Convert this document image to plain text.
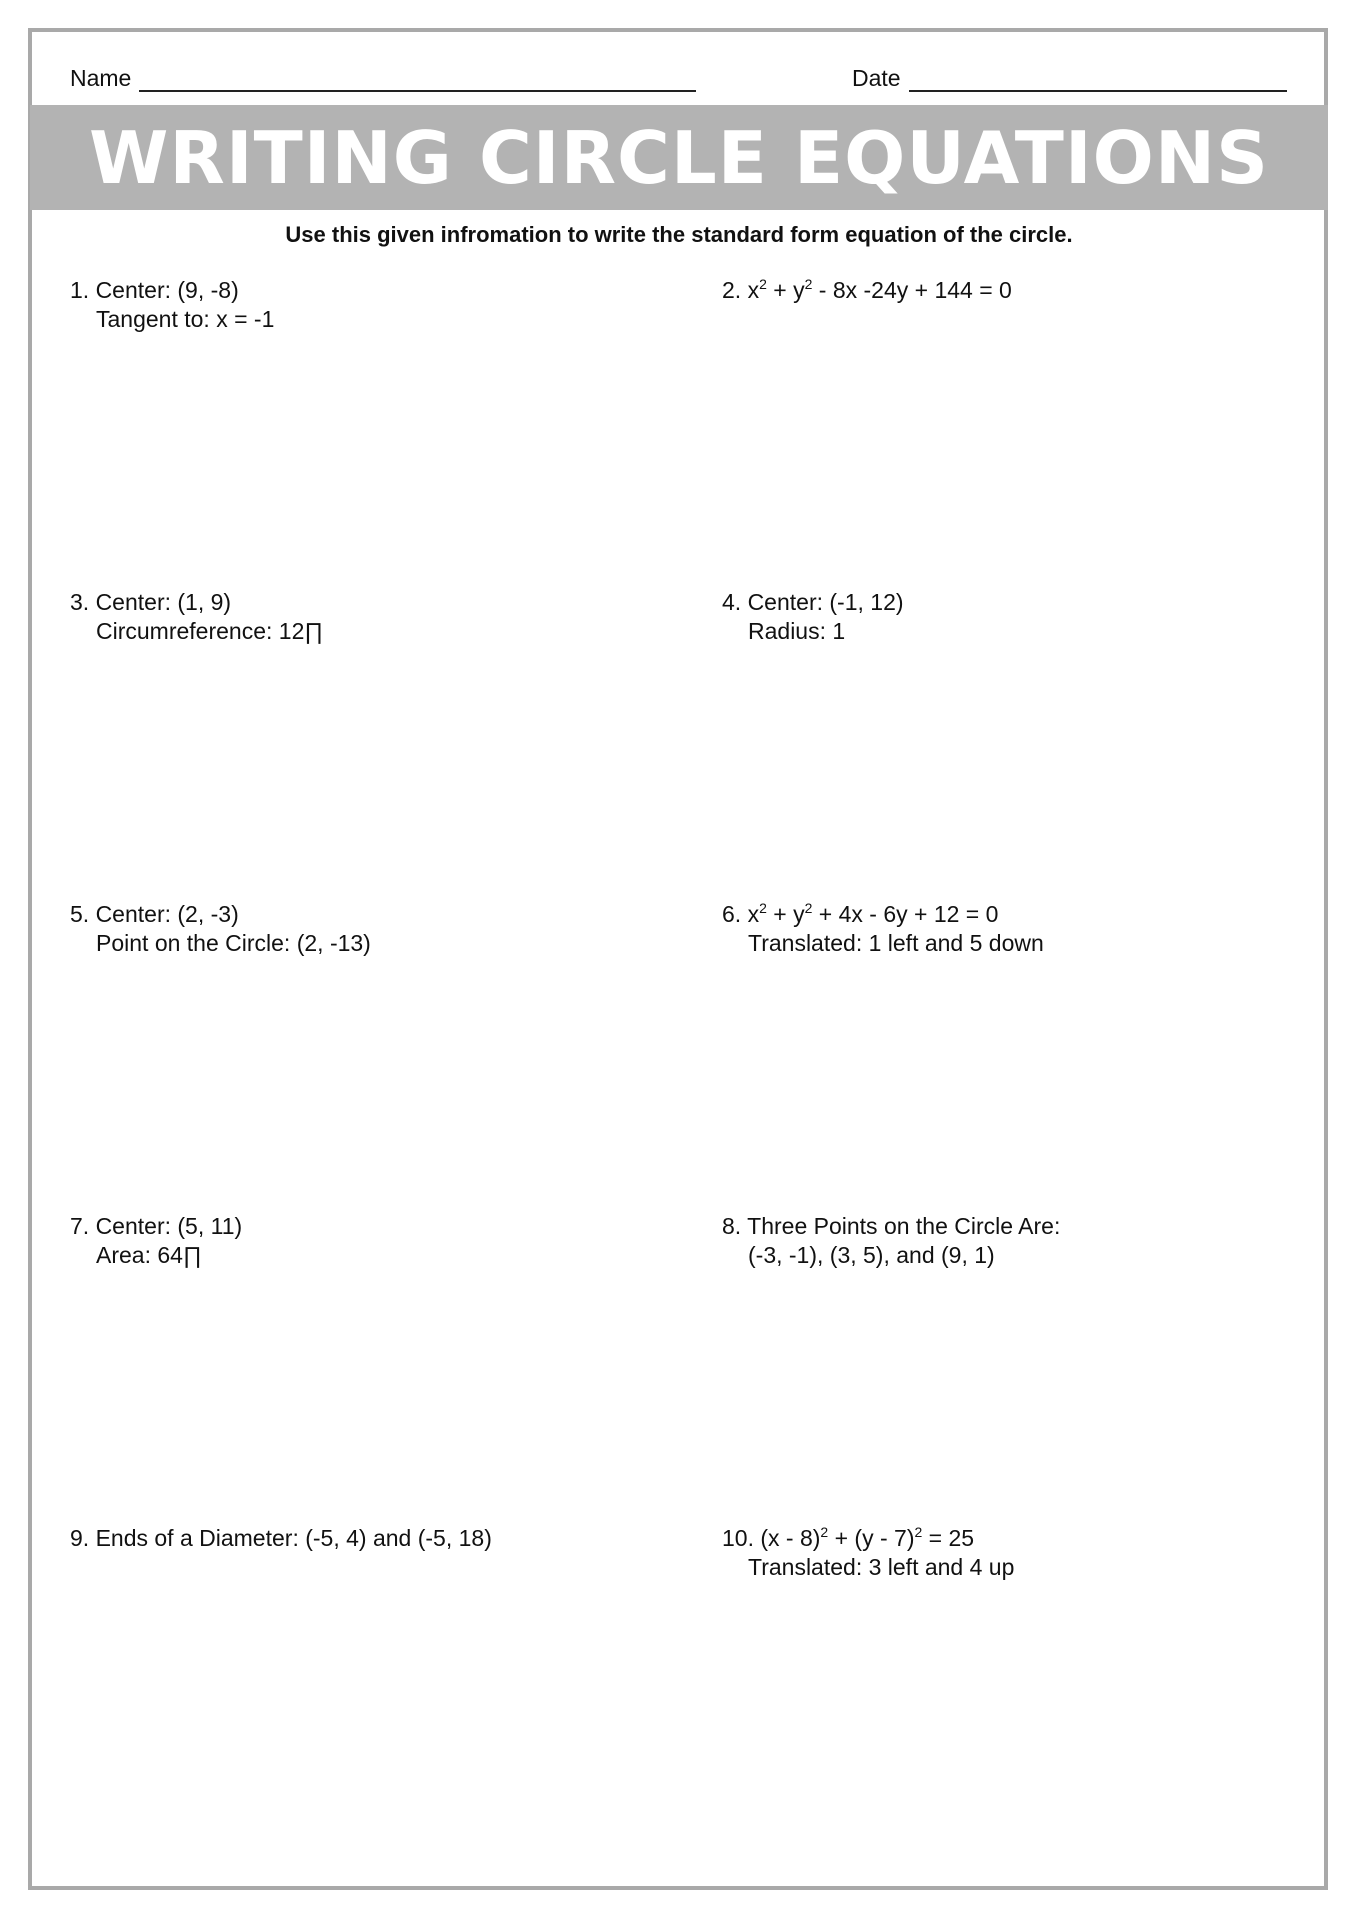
Name	Date
WRITING CIRCLE EQUATIONS
Use this given infromation to write the standard form equation of the circle.
1. Center: (9, -8)
Tangent to: x = -1
2. $x^2 + y^2 - 8x$ -24y + 144 = 0
3. Center: (1, 9)
Circumreference: 12∏
4. Center: (-1, 12)
Radius: 1
5. Center: (2, -3)
Point on the Circle: (2, -13)
6. $x^2 + y^2 + 4x - 6y + 12 = 0$
Translated: 1 left and 5 down
7. Center: (5, 11)
Area: 64∏
8. Three Points on the Circle Are:
(-3, -1), (3, 5), and (9, 1)
9. Ends of a Diameter: (-5, 4) and (-5, 18)	10. (x - 8)$^2$ + (y - 7)$^2$ = 25
Translated: 3 left and 4 up
